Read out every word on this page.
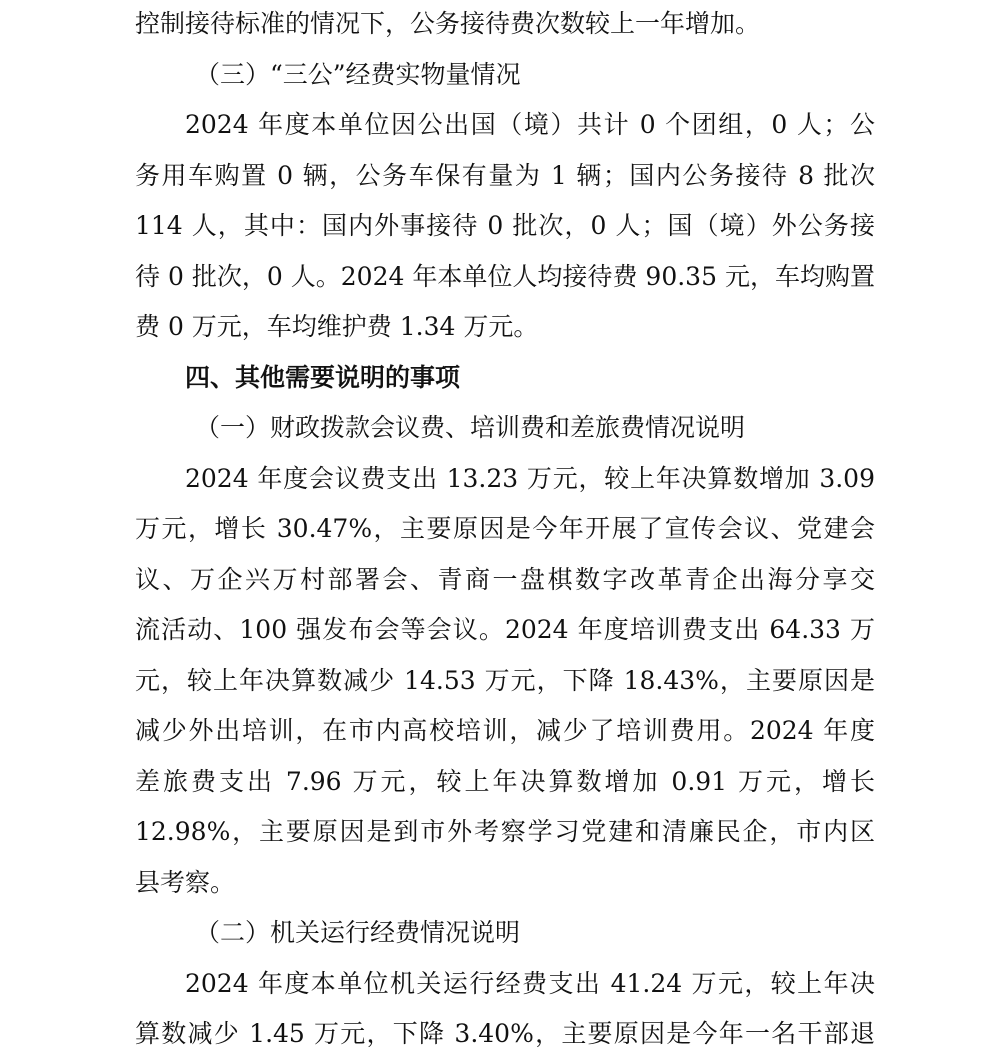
控制接待标准的情况下，公务接待费次数较上一年增加。
（三）“三公”经费实物量情况
2024 年度本单位因公出国（境）共计 0 个团组，0 人；公
务用车购置 0 辆，公务车保有量为 1 辆；国内公务接待 8 批次
114 人，其中：国内外事接待 0 批次，0 人；国（境）外公务接
待 0 批次，0 人。2024 年本单位人均接待费 90.35 元，车均购置
费 0 万元，车均维护费 1.34 万元。
四、其他需要说明的事项
（一）财政拨款会议费、培训费和差旅费情况说明
2024 年度会议费支出 13.23 万元，较上年决算数增加 3.09
万元，增长 30.47%，主要原因是今年开展了宣传会议、党建会
议、万企兴万村部署会、青商一盘棋数字改革青企出海分享交
流活动、100 强发布会等会议。2024 年度培训费支出 64.33 万
元，较上年决算数减少 14.53 万元，下降 18.43%，主要原因是
减少外出培训，在市内高校培训，减少了培训费用。2024 年度
差旅费支出 7.96 万元，较上年决算数增加 0.91 万元，增长
12.98%，主要原因是到市外考察学习党建和清廉民企，市内区
县考察。
（二）机关运行经费情况说明
2024 年度本单位机关运行经费支出 41.24 万元，较上年决
算数减少 1.45 万元，下降 3.40%，主要原因是今年一名干部退
